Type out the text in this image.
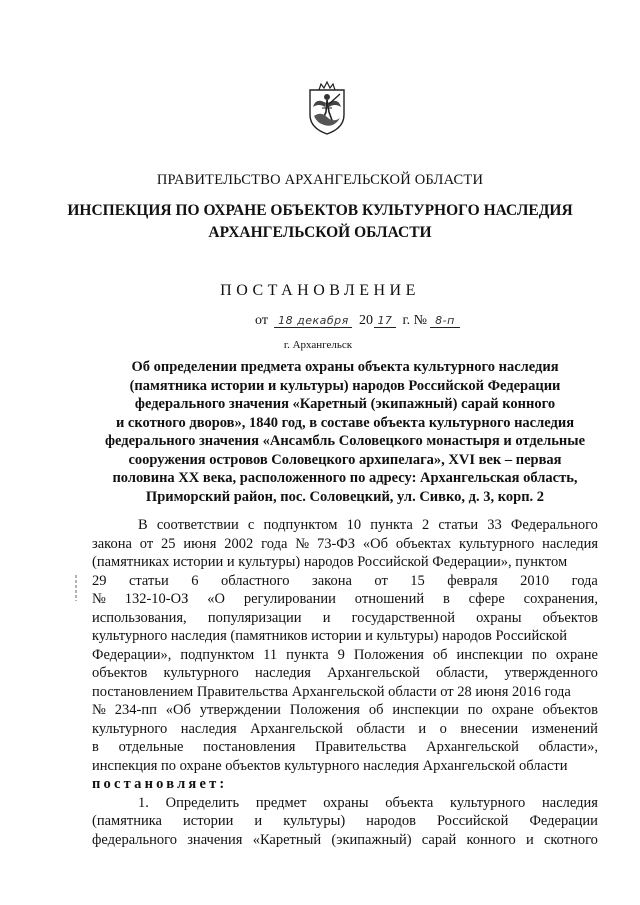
ПРАВИТЕЛЬСТВО АРХАНГЕЛЬСКОЙ ОБЛАСТИ
ИНСПЕКЦИЯ ПО ОХРАНЕ ОБЪЕКТОВ КУЛЬТУРНОГО НАСЛЕДИЯ
АРХАНГЕЛЬСКОЙ ОБЛАСТИ
ПОСТАНОВЛЕНИЕ
от 18 декабря 20 17 г. № 8-п
г. Архангельск
Об определении предмета охраны объекта культурного наследия
(памятника истории и культуры) народов Российской Федерации
федерального значения «Каретный (экипажный) сарай конного
и скотного дворов», 1840 год, в составе объекта культурного наследия
федерального значения «Ансамбль Соловецкого монастыря и отдельные
сооружения островов Соловецкого архипелага», XVI век – первая
половина XX века, расположенного по адресу: Архангельская область,
Приморский район, пос. Соловецкий, ул. Сивко, д. 3, корп. 2
В соответствии с подпунктом 10 пункта 2 статьи 33 Федерального
закона от 25 июня 2002 года № 73-ФЗ «Об объектах культурного наследия
(памятниках истории и культуры) народов Российской Федерации», пунктом
29 статьи 6 областного закона от 15 февраля 2010 года
№ 132-10-ОЗ «О регулировании отношений в сфере сохранения,
использования, популяризации и государственной охраны объектов
культурного наследия (памятников истории и культуры) народов Российской
Федерации», подпунктом 11 пункта 9 Положения об инспекции по охране
объектов культурного наследия Архангельской области, утвержденного
постановлением Правительства Архангельской области от 28 июня 2016 года
№ 234-пп «Об утверждении Положения об инспекции по охране объектов
культурного наследия Архангельской области и о внесении изменений
в отдельные постановления Правительства Архангельской области»,
инспекция по охране объектов культурного наследия Архангельской области
постановляет:
1. Определить предмет охраны объекта культурного наследия
(памятника истории и культуры) народов Российской Федерации
федерального значения «Каретный (экипажный) сарай конного и скотного
